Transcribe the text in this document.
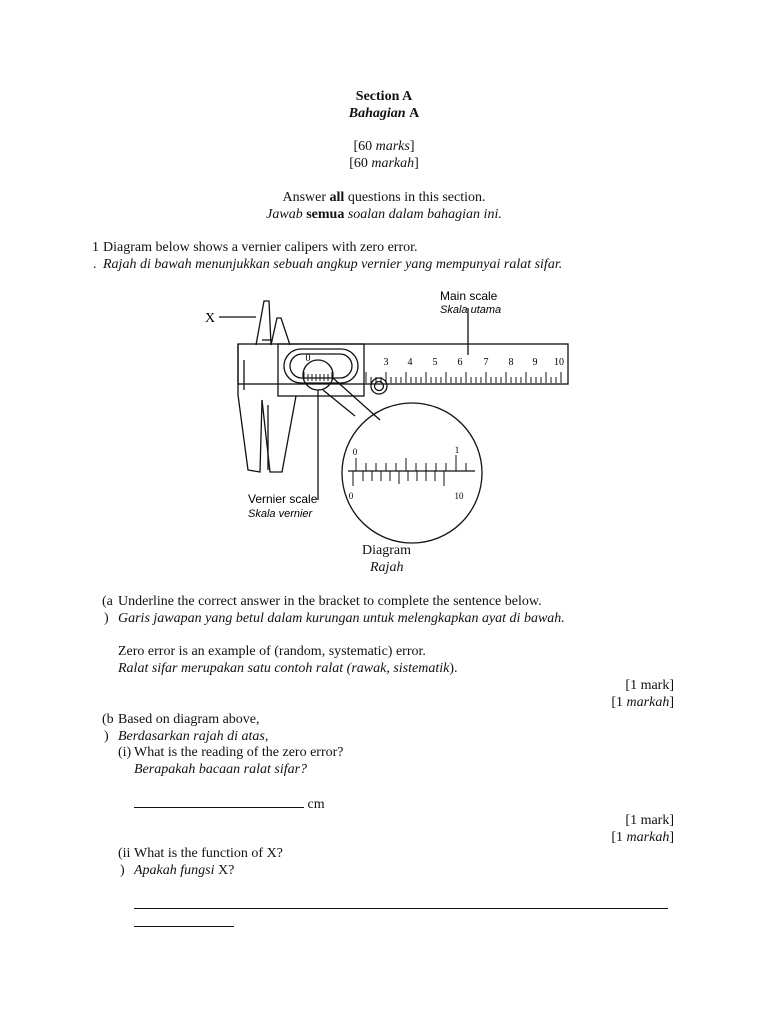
Section A
Bahagian A
[60 marks]
[60 markah]
Answer all questions in this section.
Jawab semua soalan dalam bahagian ini.
1
.
Diagram below shows a vernier calipers with zero error.
Rajah di bawah menunjukkan sebuah angkup vernier yang mempunyai ralat sifar.
X
Main scale
Skala utama
Vernier scale
Skala vernier
0	3 4 5 6 7 8 9 10
0	1
0	10
Diagram
Rajah
(a
)
Underline the correct answer in the bracket to complete the sentence below.
Garis jawapan yang betul dalam kurungan untuk melengkapkan ayat di bawah.
Zero error is an example of (random, systematic) error.
Ralat sifar merupakan satu contoh ralat (rawak, sistematik).
[1 mark]
[1 markah]
(b
)
Based on diagram above,
Berdasarkan rajah di atas,
(i) What is the reading of the zero error?
Berapakah bacaan ralat sifar?
cm
[1 mark]
[1 markah]
(ii
)
What is the function of X?
Apakah fungsi X?
